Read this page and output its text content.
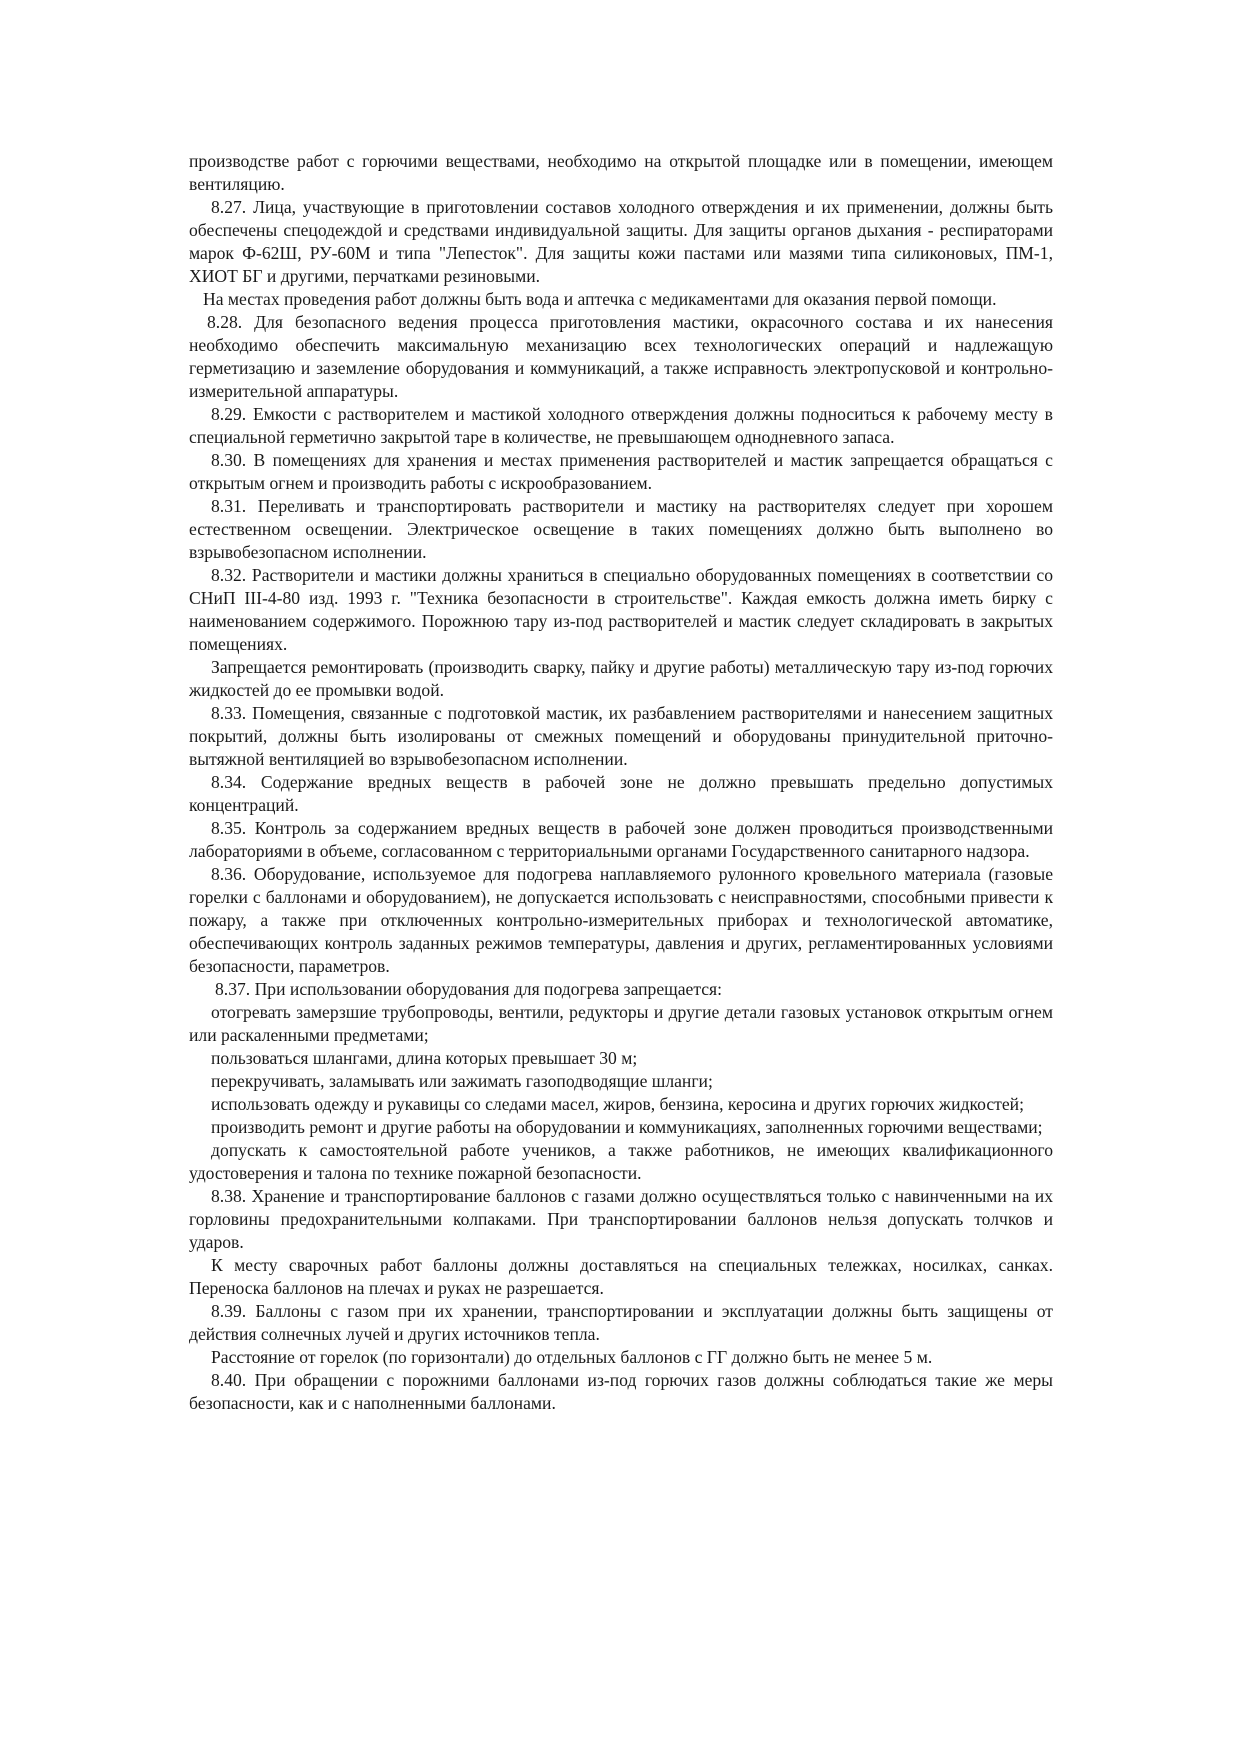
производстве работ с горючими веществами, необходимо на открытой площадке или в помещении, имеющем вентиляцию.

8.27. Лица, участвующие в приготовлении составов холодного отверждения и их применении, должны быть обеспечены спецодеждой и средствами индивидуальной защиты. Для защиты органов дыхания - респираторами марок Ф-62Ш, РУ-60М и типа "Лепесток". Для защиты кожи пастами или мазями типа силиконовых, ПМ-1, ХИОТ БГ и другими, перчатками резиновыми.

На местах проведения работ должны быть вода и аптечка с медикаментами для оказания первой помощи.

8.28. Для безопасного ведения процесса приготовления мастики, окрасочного состава и их нанесения необходимо обеспечить максимальную механизацию всех технологических операций и надлежащую герметизацию и заземление оборудования и коммуникаций, а также исправность электропусковой и контрольно-измерительной аппаратуры.

8.29. Емкости с растворителем и мастикой холодного отверждения должны подноситься к рабочему месту в специальной герметично закрытой таре в количестве, не превышающем однодневного запаса.

8.30. В помещениях для хранения и местах применения растворителей и мастик запрещается обращаться с открытым огнем и производить работы с искрообразованием.

8.31. Переливать и транспортировать растворители и мастику на растворителях следует при хорошем естественном освещении. Электрическое освещение в таких помещениях должно быть выполнено во взрывобезопасном исполнении.

8.32. Растворители и мастики должны храниться в специально оборудованных помещениях в соответствии со СНиП III-4-80 изд. 1993 г. "Техника безопасности в строительстве". Каждая емкость должна иметь бирку с наименованием содержимого. Порожнюю тару из-под растворителей и мастик следует складировать в закрытых помещениях.

Запрещается ремонтировать (производить сварку, пайку и другие работы) металлическую тару из-под горючих жидкостей до ее промывки водой.

8.33. Помещения, связанные с подготовкой мастик, их разбавлением растворителями и нанесением защитных покрытий, должны быть изолированы от смежных помещений и оборудованы принудительной приточно-вытяжной вентиляцией во взрывобезопасном исполнении.

8.34. Содержание вредных веществ в рабочей зоне не должно превышать предельно допустимых концентраций.

8.35. Контроль за содержанием вредных веществ в рабочей зоне должен проводиться производственными лабораториями в объеме, согласованном с территориальными органами Государственного санитарного надзора.

8.36. Оборудование, используемое для подогрева наплавляемого рулонного кровельного материала (газовые горелки с баллонами и оборудованием), не допускается использовать с неисправностями, способными привести к пожару, а также при отключенных контрольно-измерительных приборах и технологической автоматике, обеспечивающих контроль заданных режимов температуры, давления и других, регламентированных условиями безопасности, параметров.

8.37. При использовании оборудования для подогрева запрещается:

отогревать замерзшие трубопроводы, вентили, редукторы и другие детали газовых установок открытым огнем или раскаленными предметами;

пользоваться шлангами, длина которых превышает 30 м;

перекручивать, заламывать или зажимать газоподводящие шланги;

использовать одежду и рукавицы со следами масел, жиров, бензина, керосина и других горючих жидкостей;

производить ремонт и другие работы на оборудовании и коммуникациях, заполненных горючими веществами;

допускать к самостоятельной работе учеников, а также работников, не имеющих квалификационного удостоверения и талона по технике пожарной безопасности.

8.38. Хранение и транспортирование баллонов с газами должно осуществляться только с навинченными на их горловины предохранительными колпаками. При транспортировании баллонов нельзя допускать толчков и ударов.

К месту сварочных работ баллоны должны доставляться на специальных тележках, носилках, санках. Переноска баллонов на плечах и руках не разрешается.

8.39. Баллоны с газом при их хранении, транспортировании и эксплуатации должны быть защищены от действия солнечных лучей и других источников тепла.

Расстояние от горелок (по горизонтали) до отдельных баллонов с ГГ должно быть не менее 5 м.

8.40. При обращении с порожними баллонами из-под горючих газов должны соблюдаться такие же меры безопасности, как и с наполненными баллонами.
